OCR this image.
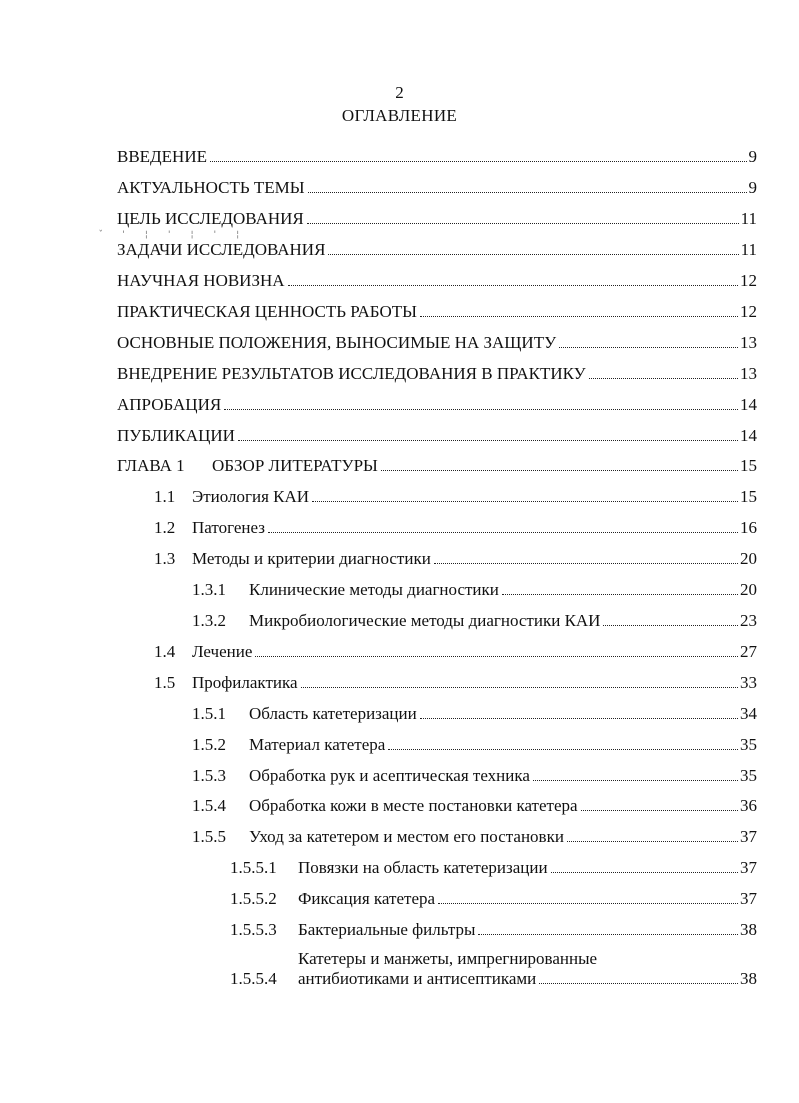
2
ОГЛАВЛЕНИЕ
ˇ ' ¦ ' ¦ ' ¦
ВВЕДЕНИЕ	9
АКТУАЛЬНОСТЬ ТЕМЫ	9
ЦЕЛЬ ИССЛЕДОВАНИЯ	11
ЗАДАЧИ ИССЛЕДОВАНИЯ	11
НАУЧНАЯ НОВИЗНА	12
ПРАКТИЧЕСКАЯ ЦЕННОСТЬ РАБОТЫ	12
ОСНОВНЫЕ ПОЛОЖЕНИЯ, ВЫНОСИМЫЕ НА ЗАЩИТУ	13
ВНЕДРЕНИЕ РЕЗУЛЬТАТОВ ИССЛЕДОВАНИЯ В ПРАКТИКУ	13
АПРОБАЦИЯ	14
ПУБЛИКАЦИИ	14
ГЛАВА 1	ОБЗОР ЛИТЕРАТУРЫ	15
1.1 Этиология КАИ	15
1.2 Патогенез	16
1.3 Методы и критерии диагностики	20
1.3.1	Клинические методы диагностики	20
1.3.2	Микробиологические методы диагностики КАИ	23
1.4 Лечение	27
1.5 Профилактика	33
1.5.1	Область катетеризации	34
1.5.2	Материал катетера	35
1.5.3	Обработка рук и асептическая техника	35
1.5.4	Обработка кожи в месте постановки катетера	36
1.5.5	Уход за катетером и местом его постановки	37
1.5.5.1	Повязки на область катетеризации	37
1.5.5.2	Фиксация катетера	37
1.5.5.3	Бактериальные фильтры	38
1.5.5.4
Катетеры и манжеты, импрегнированные
антибиотиками и антисептиками	38
